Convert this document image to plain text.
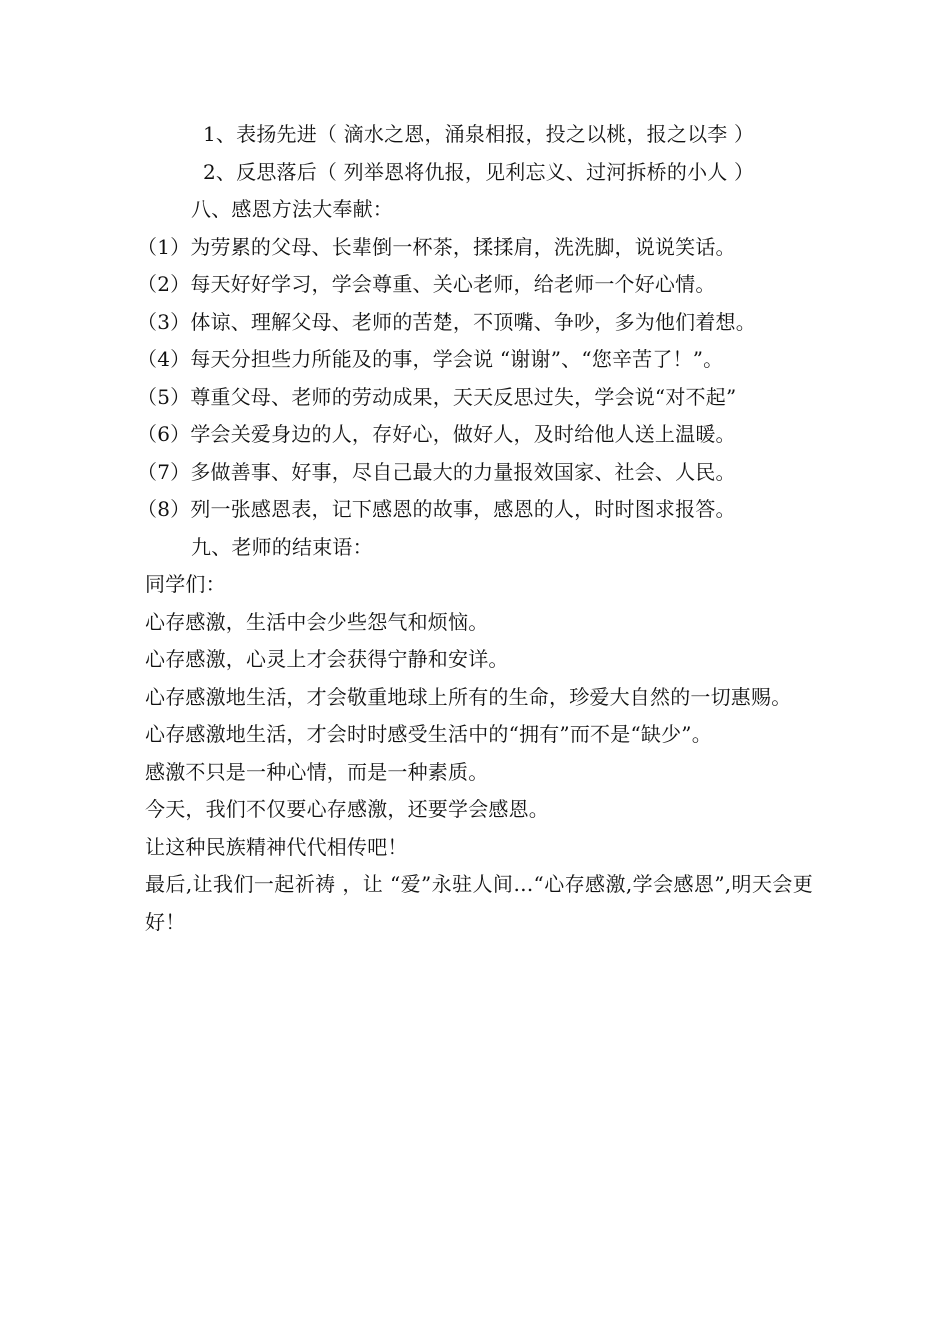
1、表扬先进（ 滴水之恩，涌泉相报，投之以桃，报之以李 ）

2、反思落后（ 列举恩将仇报，见利忘义、过河拆桥的小人 ）

八、感恩方法大奉献：

（1）为劳累的父母、长辈倒一杯茶，揉揉肩，洗洗脚，说说笑话。

（2）每天好好学习，学会尊重、关心老师，给老师一个好心情。

（3）体谅、理解父母、老师的苦楚，不顶嘴、争吵，多为他们着想。

（4）每天分担些力所能及的事，学会说 “谢谢”、“您辛苦了！”。

（5）尊重父母、老师的劳动成果，天天反思过失，学会说“对不起”

（6）学会关爱身边的人，存好心，做好人，及时给他人送上温暖。

（7）多做善事、好事，尽自己最大的力量报效国家、社会、人民。

（8）列一张感恩表，记下感恩的故事，感恩的人，时时图求报答。

九、老师的结束语：

同学们：

心存感激，生活中会少些怨气和烦恼。

心存感激，心灵上才会获得宁静和安详。

心存感激地生活，才会敬重地球上所有的生命，珍爱大自然的一切惠赐。

心存感激地生活，才会时时感受生活中的“拥有”而不是“缺少”。

感激不只是一种心情，而是一种素质。

今天，我们不仅要心存感激，还要学会感恩。

让这种民族精神代代相传吧！

最后,让我们一起祈祷 ，让 “爱”永驻人间…“心存感激,学会感恩”,明天会更好！
